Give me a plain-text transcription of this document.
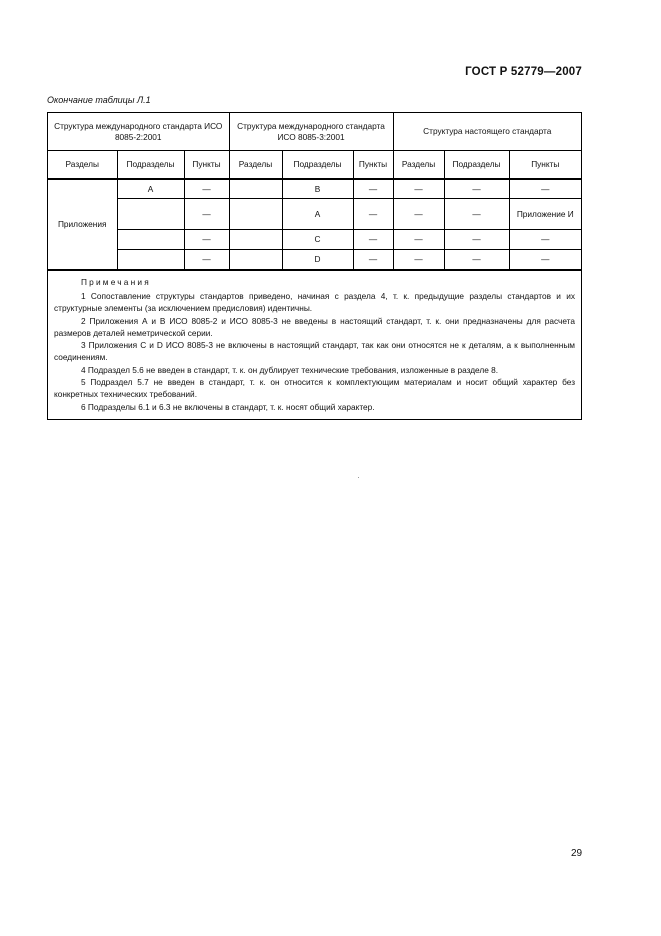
ГОСТ Р 52779—2007
Окончание таблицы Л.1
Структура международного стандарта ИСО 8085-2:2001			Структура международного стандарта ИСО 8085-3:2001			Структура настоящего стандарта		
Разделы	Подразделы	Пункты	Разделы	Подразделы	Пункты	Разделы	Подразделы	Пункты
Приложения	А	—		В	—	—	—	—
		—		А	—	—	—	Приложение И
		—		С	—	—	—	—
		—		D	—	—	—	—
Примечания

1 Сопоставление структуры стандартов приведено, начиная с раздела 4, т. к. предыдущие разделы стандартов и их структурные элементы (за исключением предисловия) идентичны.

2 Приложения А и В ИСО 8085-2 и ИСО 8085-3 не введены в настоящий стандарт, т. к. они предназначены для расчета размеров деталей неметрической серии.

3 Приложения С и D ИСО 8085-3 не включены в настоящий стандарт, так как они относятся не к деталям, а к выполненным соединениям.

4 Подраздел 5.6 не введен в стандарт, т. к. он дублирует технические требования, изложенные в разделе 8.

5 Подраздел 5.7 не введен в стандарт, т. к. он относится к комплектующим материалам и носит общий характер без конкретных технических требований.

6 Подразделы 6.1 и 6.3 не включены в стандарт, т. к. носят общий характер.

29
